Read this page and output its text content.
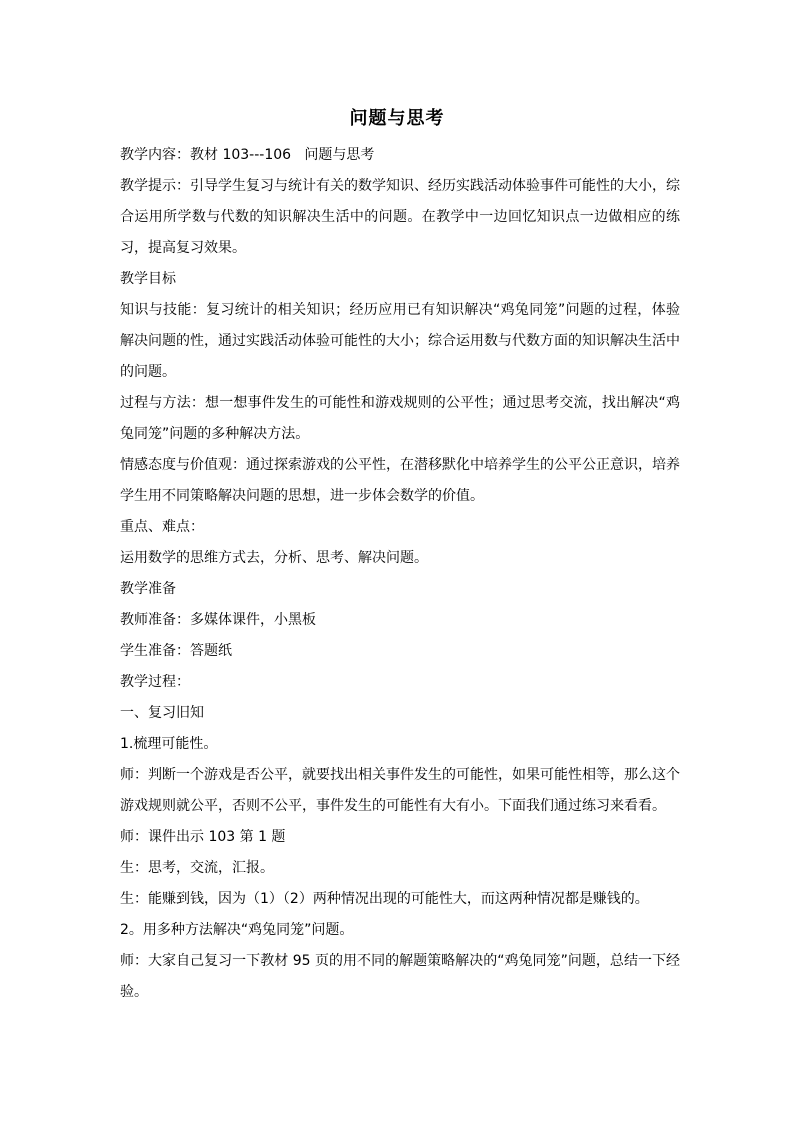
问题与思考

教学内容：教材 103---106   问题与思考

教学提示：引导学生复习与统计有关的数学知识、经历实践活动体验事件可能性的大小，综合运用所学数与代数的知识解决生活中的问题。在教学中一边回忆知识点一边做相应的练习，提高复习效果。

教学目标

知识与技能：复习统计的相关知识；经历应用已有知识解决“鸡兔同笼”问题的过程，体验解决问题的性，通过实践活动体验可能性的大小；综合运用数与代数方面的知识解决生活中的问题。

过程与方法：想一想事件发生的可能性和游戏规则的公平性；通过思考交流，找出解决“鸡兔同笼”问题的多种解决方法。

情感态度与价值观：通过探索游戏的公平性，在潜移默化中培养学生的公平公正意识，培养学生用不同策略解决问题的思想，进一步体会数学的价值。

重点、难点：

运用数学的思维方式去，分析、思考、解决问题。

教学准备

教师准备：多媒体课件，小黑板

学生准备：答题纸

教学过程：

一、复习旧知

1.梳理可能性。

师：判断一个游戏是否公平，就要找出相关事件发生的可能性，如果可能性相等，那么这个游戏规则就公平，否则不公平，事件发生的可能性有大有小。下面我们通过练习来看看。

师：课件出示 103 第 1 题

生：思考，交流，汇报。

生：能赚到钱，因为（1）（2）两种情况出现的可能性大，而这两种情况都是赚钱的。

2。用多种方法解决“鸡兔同笼”问题。

师：大家自己复习一下教材 95 页的用不同的解题策略解决的“鸡兔同笼”问题，总结一下经验。
